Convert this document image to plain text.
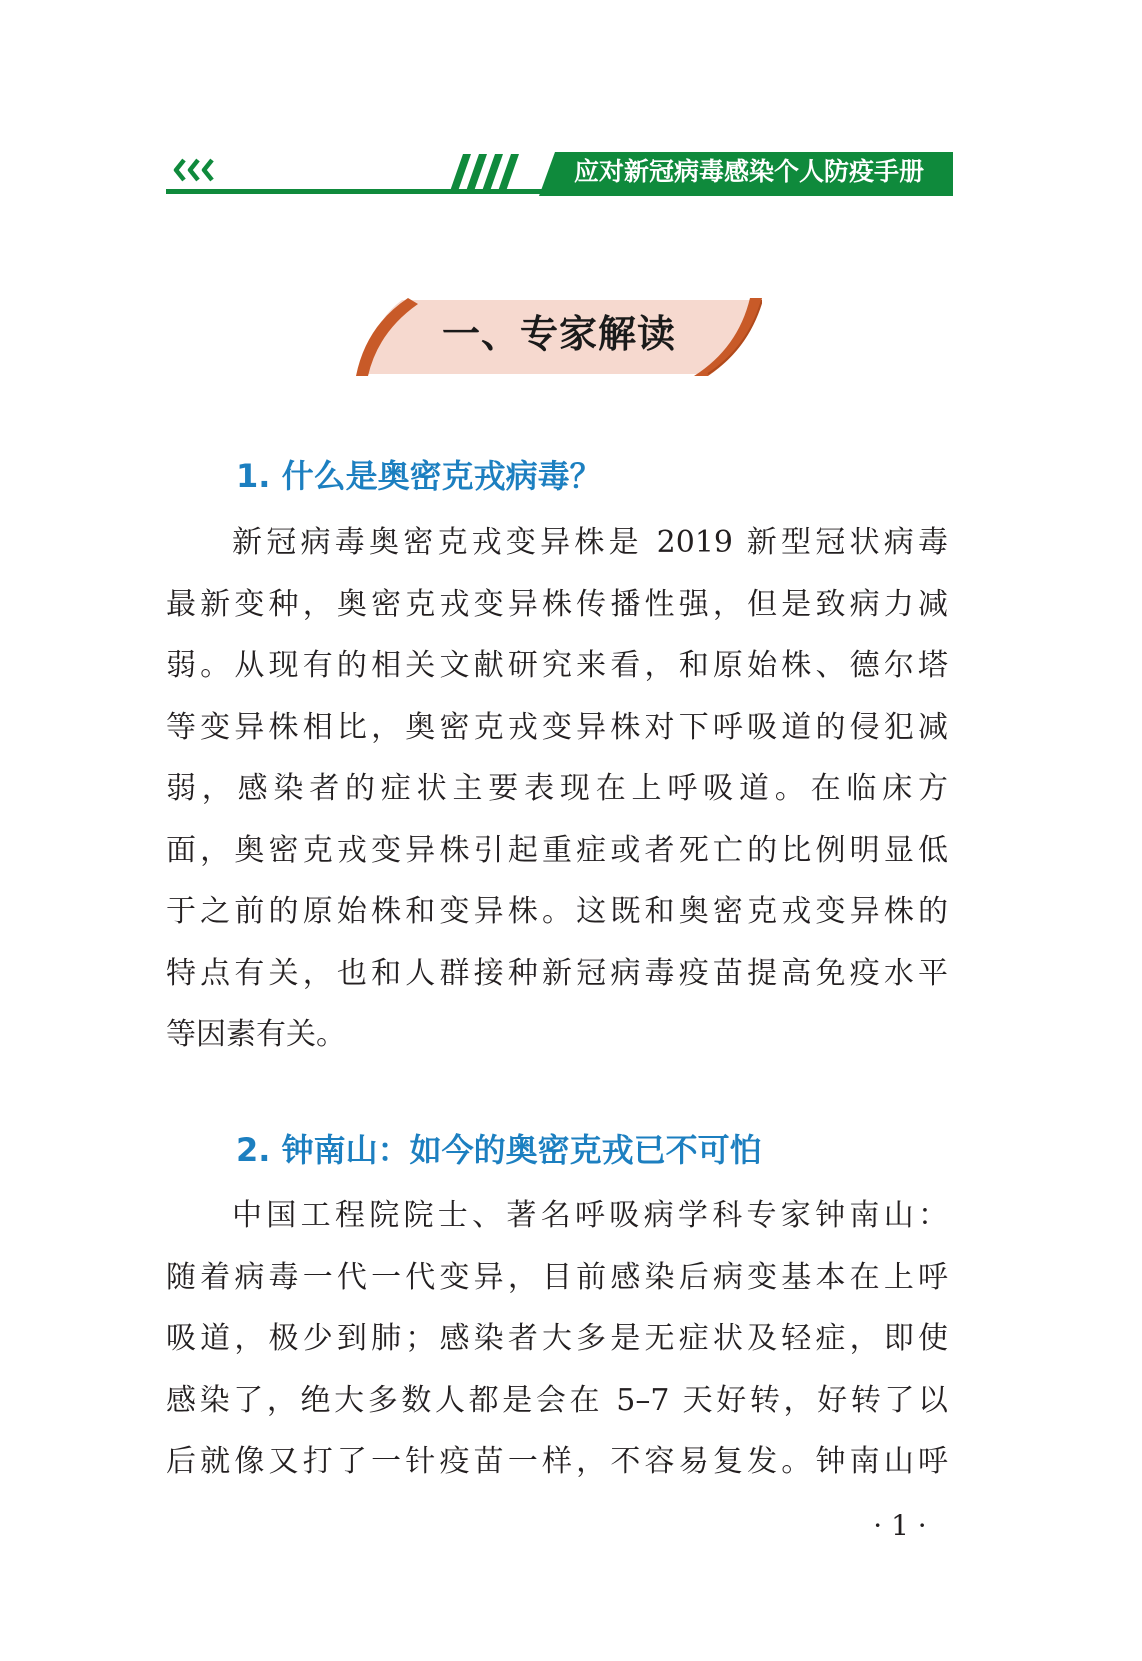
应对新冠病毒感染个人防疫手册
一、专家解读
1. 什么是奥密克戎病毒？
新冠病毒奥密克戎变异株是 2019 新型冠状病毒
最新变种，奥密克戎变异株传播性强，但是致病力减
弱。从现有的相关文献研究来看，和原始株、德尔塔
等变异株相比，奥密克戎变异株对下呼吸道的侵犯减
弱，感染者的症状主要表现在上呼吸道。在临床方
面，奥密克戎变异株引起重症或者死亡的比例明显低
于之前的原始株和变异株。这既和奥密克戎变异株的
特点有关，也和人群接种新冠病毒疫苗提高免疫水平
等因素有关。
2. 钟南山：如今的奥密克戎已不可怕
中国工程院院士、著名呼吸病学科专家钟南山：
随着病毒一代一代变异，目前感染后病变基本在上呼
吸道，极少到肺；感染者大多是无症状及轻症，即使
感染了，绝大多数人都是会在 5–7 天好转，好转了以
后就像又打了一针疫苗一样，不容易复发。钟南山呼
· 1 ·
